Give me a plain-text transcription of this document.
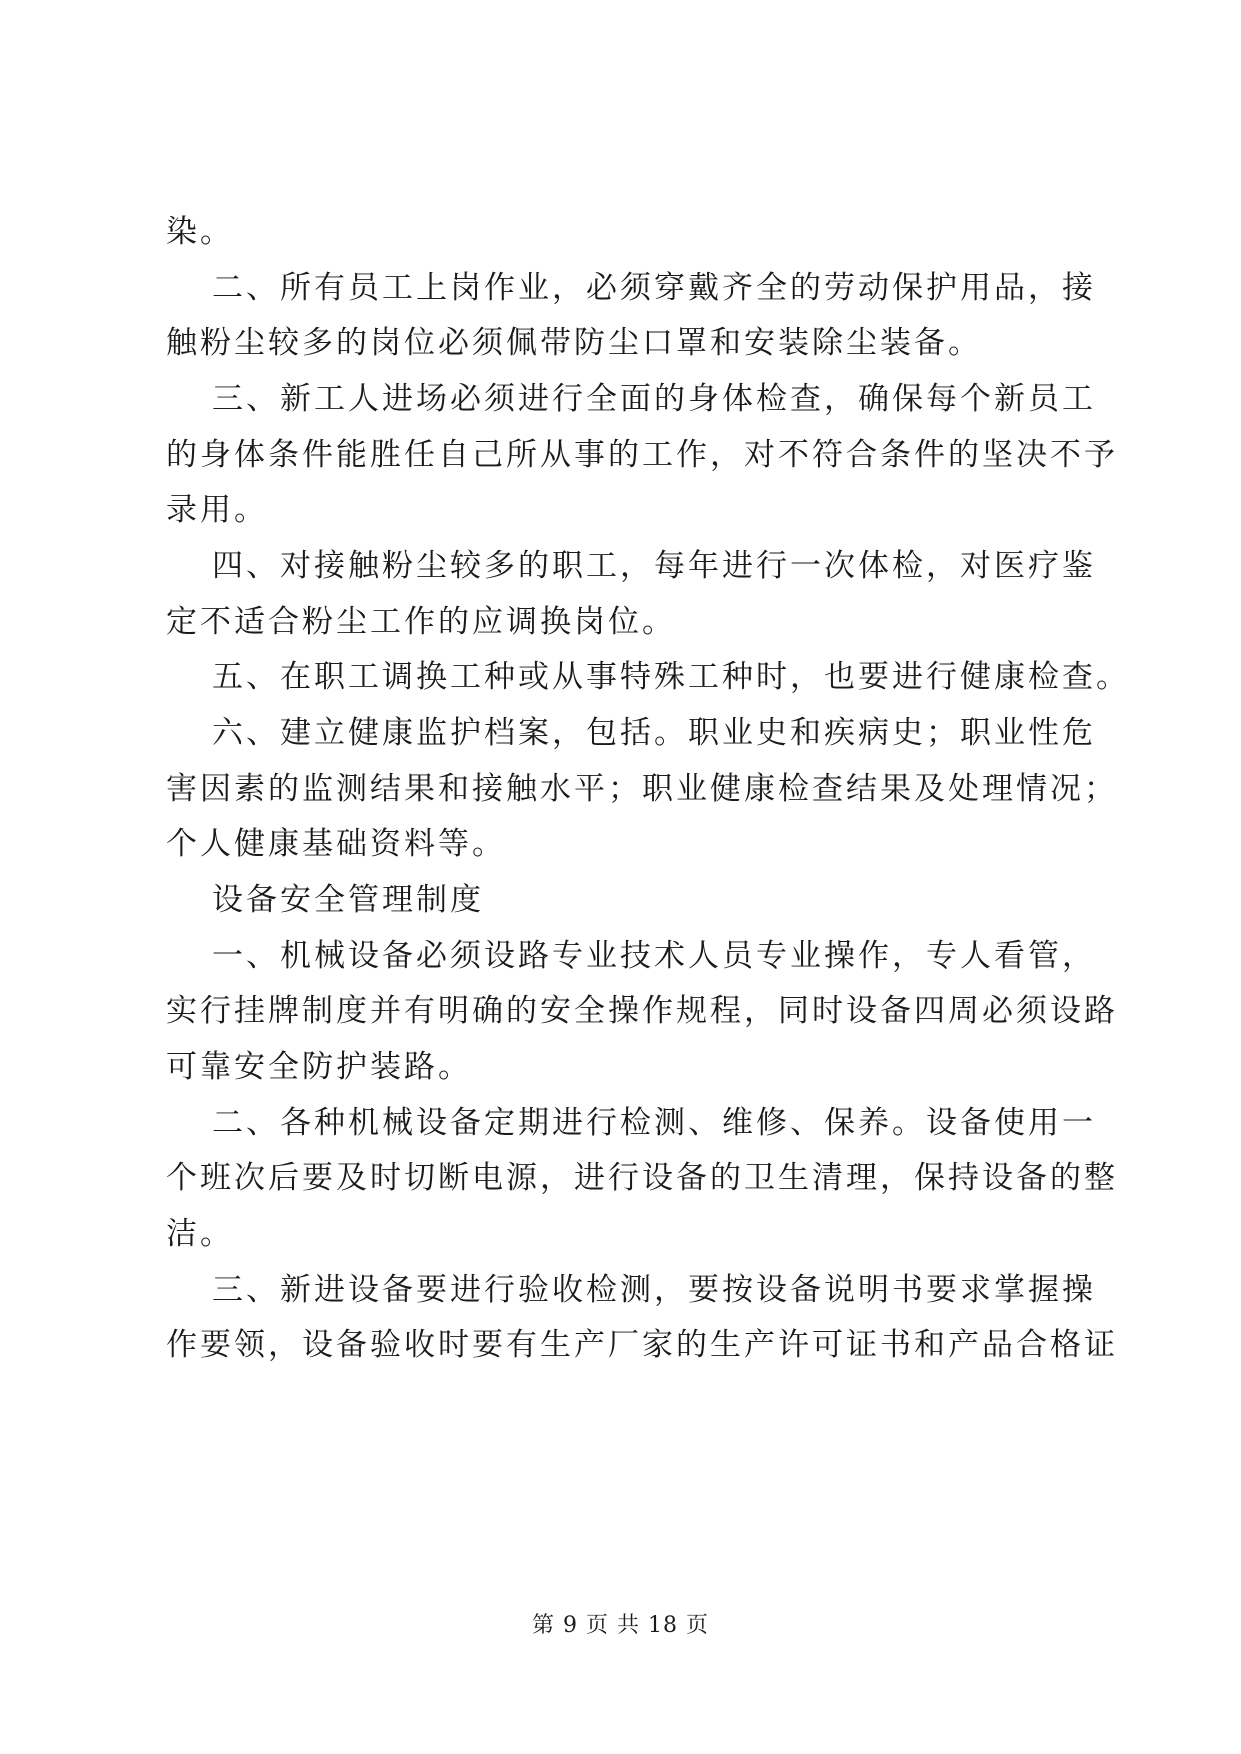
染。
二、所有员工上岗作业，必须穿戴齐全的劳动保护用品，接
触粉尘较多的岗位必须佩带防尘口罩和安装除尘装备。
三、新工人进场必须进行全面的身体检查，确保每个新员工
的身体条件能胜任自己所从事的工作，对不符合条件的坚决不予
录用。
四、对接触粉尘较多的职工，每年进行一次体检，对医疗鉴
定不适合粉尘工作的应调换岗位。
五、在职工调换工种或从事特殊工种时，也要进行健康检查。
六、建立健康监护档案，包括。职业史和疾病史；职业性危
害因素的监测结果和接触水平；职业健康检查结果及处理情况；
个人健康基础资料等。
设备安全管理制度
一、机械设备必须设路专业技术人员专业操作，专人看管，
实行挂牌制度并有明确的安全操作规程，同时设备四周必须设路
可靠安全防护装路。
二、各种机械设备定期进行检测、维修、保养。设备使用一
个班次后要及时切断电源，进行设备的卫生清理，保持设备的整
洁。
三、新进设备要进行验收检测，要按设备说明书要求掌握操
作要领，设备验收时要有生产厂家的生产许可证书和产品合格证
第 9 页 共 18 页
